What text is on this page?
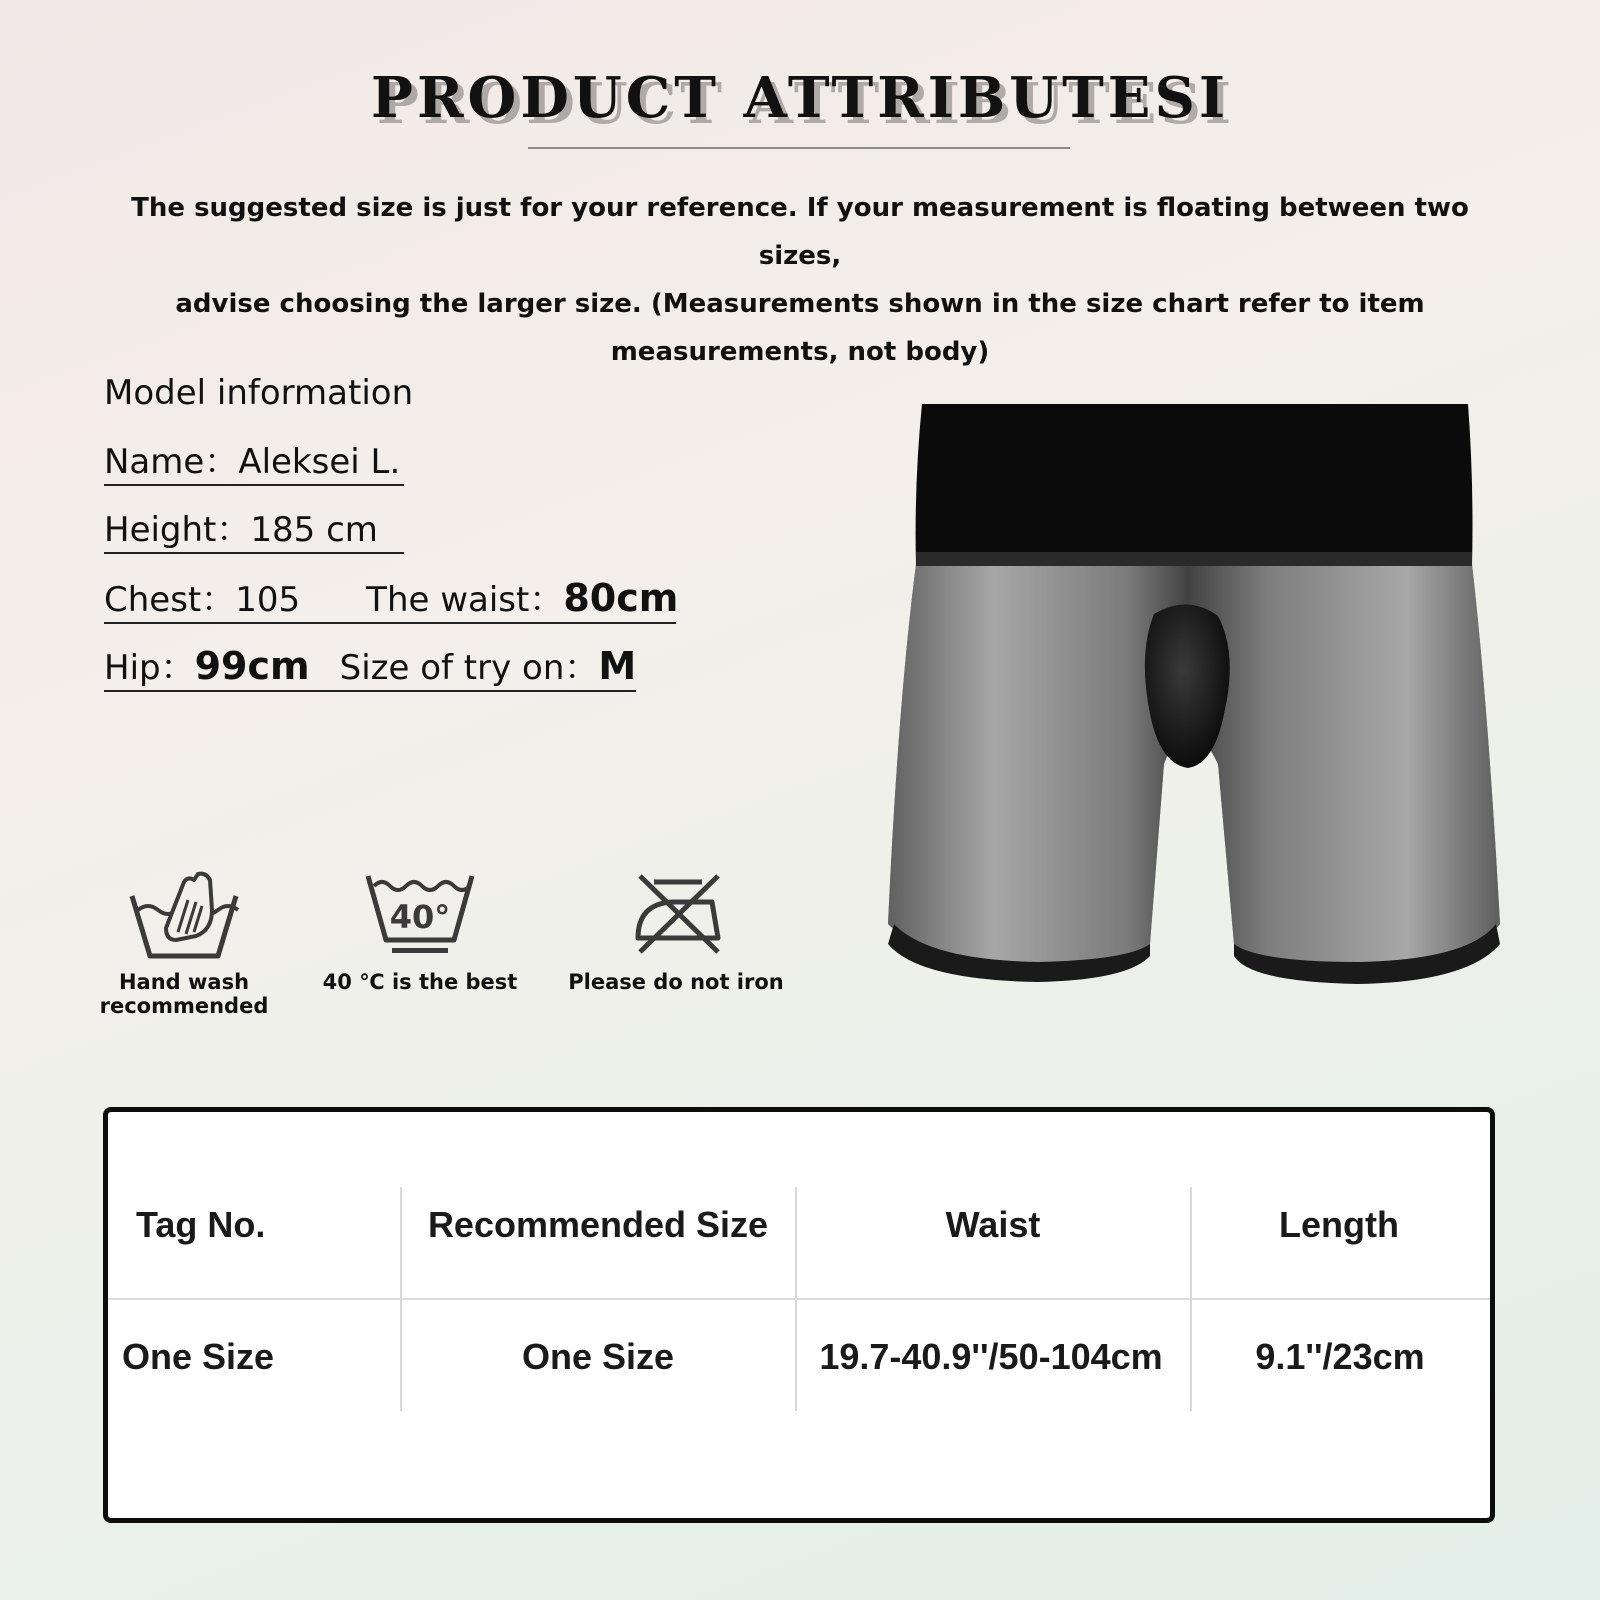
PRODUCT ATTRIBUTESI
The suggested size is just for your reference. If your measurement is floating between two sizes,
advise choosing the larger size. (Measurements shown in the size chart refer to item
measurements, not body)
Model information
Name：Aleksei L.
Height：185 cm
Chest：105 The waist：80cm
Hip：99cm Size of try on：M
Hand wash
recommended
40°
40 ℃ is the best Please do not iron
Tag No.	Recommended Size	Waist	Length
One Size	One Size	19.7-40.9''/50-104cm	9.1''/23cm
